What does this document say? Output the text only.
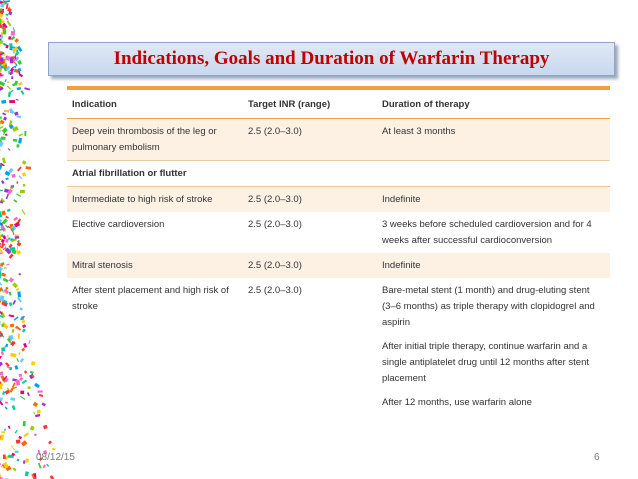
Indications, Goals and Duration of Warfarin Therapy
Indication	Target INR (range)	Duration of therapy
Deep vein thrombosis of the leg or pulmonary embolism	2.5 (2.0–3.0)	At least 3 months

Atrial fibrillation or flutter		
Intermediate to high risk of stroke	2.5 (2.0–3.0)	Indefinite

Elective cardioversion	2.5 (2.0–3.0)	3 weeks before scheduled cardioversion and for 4 weeks after successful cardioconversion

Mitral stenosis	2.5 (2.0–3.0)	Indefinite

After stent placement and high risk of stroke	2.5 (2.0–3.0)	Bare-metal stent (1 month) and drug-eluting stent (3–6 months) as triple therapy with clopidogrel and aspirin

After initial triple therapy, continue warfarin and a single antiplatelet drug until 12 months after stent placement

After 12 months, use warfarin alone

08/12/15	6
